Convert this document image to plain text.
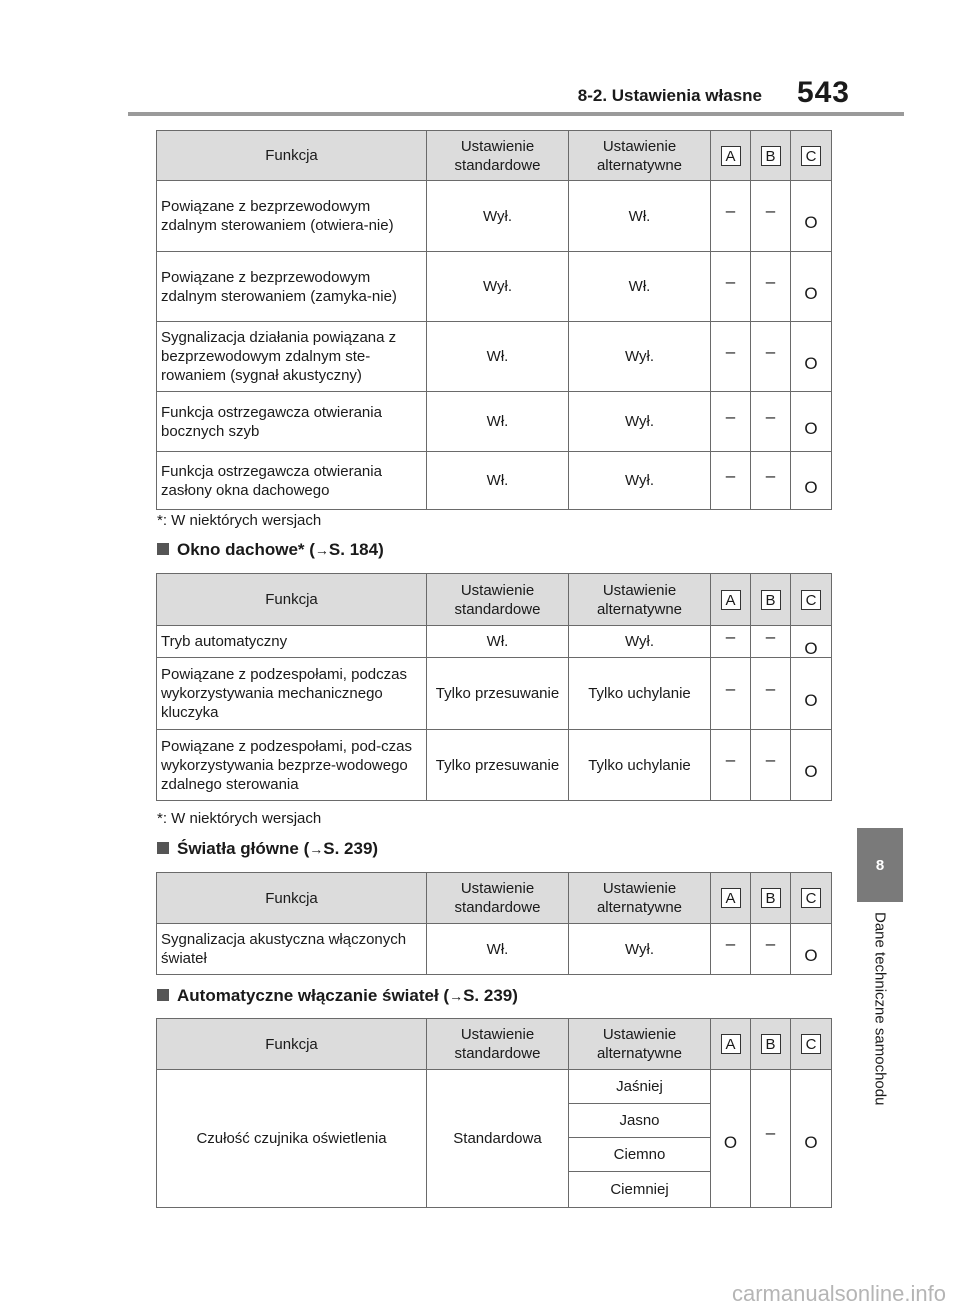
8-2. Ustawienia własne 543
8
Dane techniczne samochodu
Funkcja	Ustawienie standardowe	Ustawienie alternatywne	A	B	C
Powiązane z bezprzewodowym zdalnym sterowaniem (otwiera-nie)	Wył.	Wł.	–	–	O
Powiązane z bezprzewodowym zdalnym sterowaniem (zamyka-nie)	Wył.	Wł.	–	–	O
Sygnalizacja działania powiązana z bezprzewodowym zdalnym ste-rowaniem (sygnał akustyczny)	Wł.	Wył.	–	–	O
Funkcja ostrzegawcza otwierania bocznych szyb	Wł.	Wył.	–	–	O
Funkcja ostrzegawcza otwierania zasłony okna dachowego	Wł.	Wył.	–	–	O
*: W niektórych wersjach
Okno dachowe* (→S. 184)
Funkcja	Ustawienie standardowe	Ustawienie alternatywne	A	B	C
Tryb automatyczny	Wł.	Wył.	–	–	O
Powiązane z podzespołami, podczas wykorzystywania mechanicznego kluczyka	Tylko przesuwanie	Tylko uchylanie	–	–	O
Powiązane z podzespołami, pod-czas wykorzystywania bezprze-wodowego zdalnego sterowania	Tylko przesuwanie	Tylko uchylanie	–	–	O
*: W niektórych wersjach
Światła główne (→S. 239)
Funkcja	Ustawienie standardowe	Ustawienie alternatywne	A	B	C
Sygnalizacja akustyczna włączonych świateł	Wł.	Wył.	–	–	O
Automatyczne włączanie świateł (→S. 239)
Funkcja	Ustawienie standardowe	Ustawienie alternatywne	A	B	C
Czułość czujnika oświetlenia	Standardowa	Jaśniej	O	–	O
		Jasno			
		Ciemno			
		Ciemniej			
carmanualsonline.info
